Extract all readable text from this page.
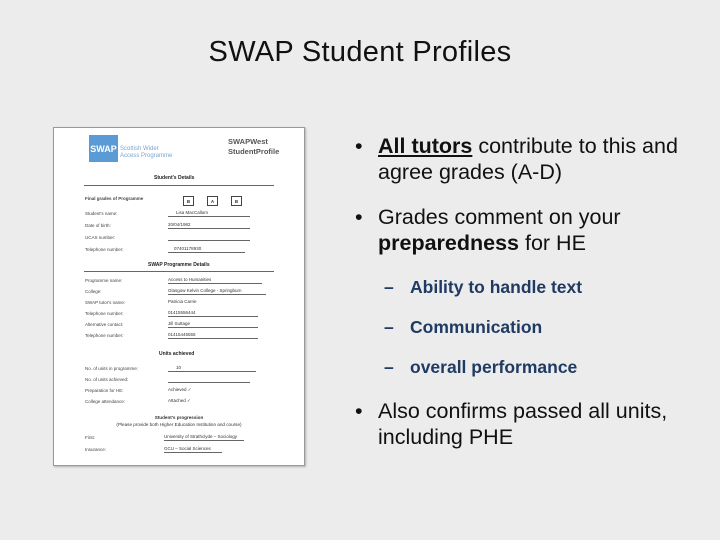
SWAP Student Profiles
SWAP Scottish Wider
Access Programme
SWAPWest
StudentProfile
Student's Details
Final grades of Programme	B	A	B
Student's name:	Lisa MacCallum
Date of birth:	20/04/1982
UCAS number:

Telephone number:	07401178930
SWAP Programme Details
Programme name:	Access to Humanities
College:	Glasgow Kelvin College - Springburn
SWAP tutor's name:	Patricia Carrie
Telephone number:	01415556444
Alternative contact:	Jill Suttage
Telephone number:	01415445555
Units achieved
No. of units in programme:	10
No. of units achieved:

Preparation for HE:	Achieved ✓
College attendance:	Attached ✓
Student's progression
(Please provide both Higher Education Institution and course)
First:	University of Strathclyde – Sociology
Insurance:	GCU – Social Sciences
• All tutors contribute to this and agree grades (A-D)
• Grades comment on your preparedness for HE
– Ability to handle text
– Communication
– overall performance
• Also confirms passed all units, including PHE
